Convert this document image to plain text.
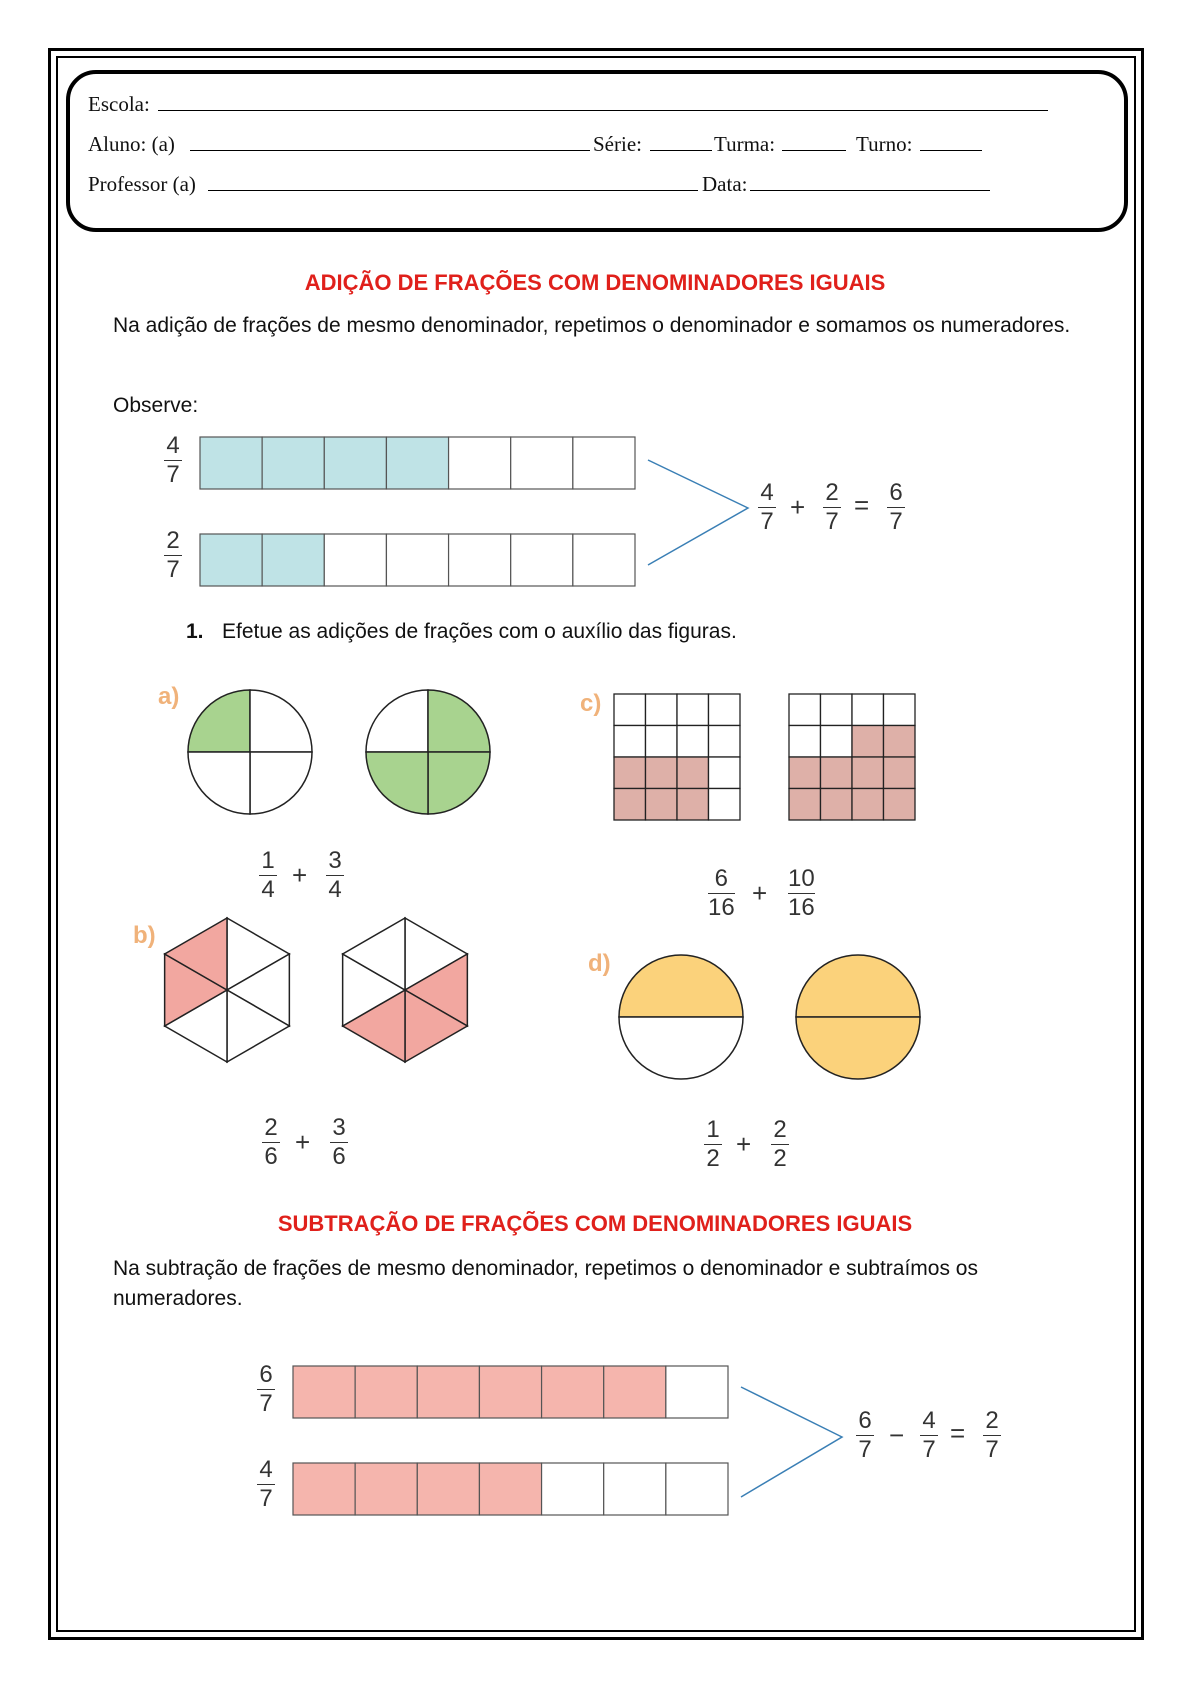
Escola:
Aluno: (a)	Série:	Turma:	Turno:
Professor (a)	Data:
ADIÇÃO DE FRAÇÕES COM DENOMINADORES IGUAIS
Na adição de frações de mesmo denominador, repetimos o denominador e somamos os numeradores.
Observe:
4
7
2
7
4
7 + 2
7
= 6
7
1. Efetue as adições de frações com o auxílio das figuras.
a)
b)
c)
d)
1
4 + 3
4	6
16 + 10
16
2
6 + 3
6
1
2 + 2
2
SUBTRAÇÃO DE FRAÇÕES COM DENOMINADORES IGUAIS
Na subtração de frações de mesmo denominador, repetimos o denominador e subtraímos os numeradores.
6
7
4
7
6
7 − 4
7
= 2
7
